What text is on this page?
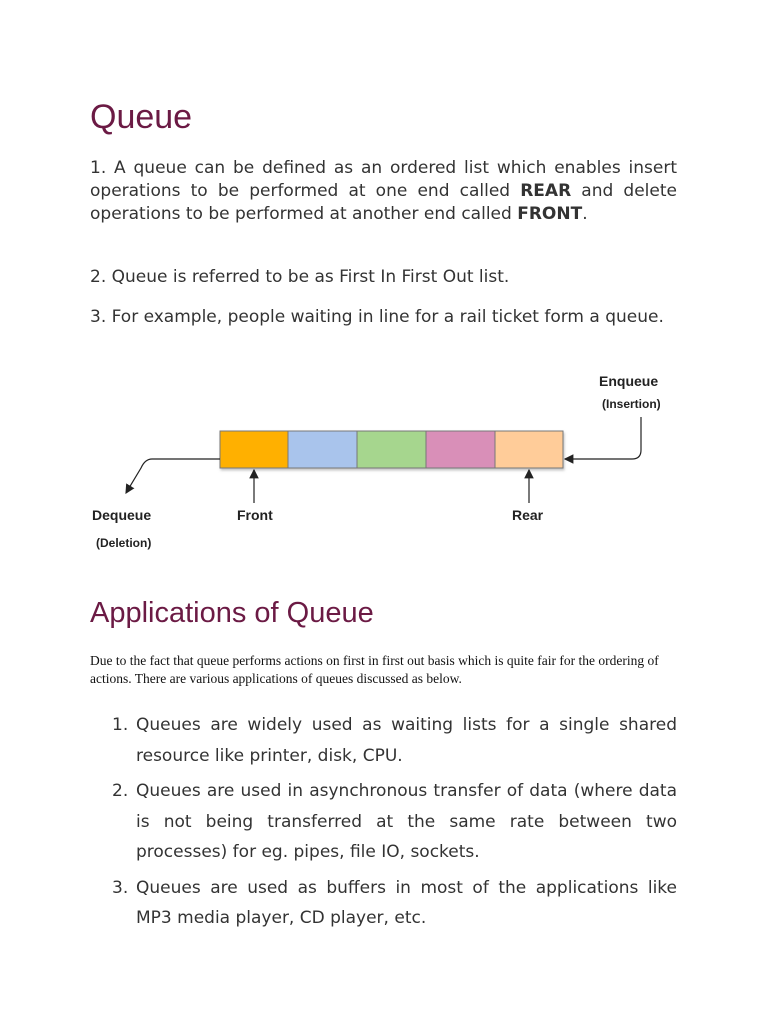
Queue

1. A queue can be defined as an ordered list which enables insert operations to be performed at one end called REAR and delete operations to be performed at another end called FRONT.

2. Queue is referred to be as First In First Out list.

3. For example, people waiting in line for a rail ticket form a queue.

Applications of Queue
Enqueue
(Insertion)
Dequeue
(Deletion)
Front	Rear

Due to the fact that queue performs actions on first in first out basis which is quite fair for the ordering of actions. There are various applications of queues discussed as below.

1. Queues are widely used as waiting lists for a single shared resource like printer, disk, CPU.
2. Queues are used in asynchronous transfer of data (where data is not being transferred at the same rate between two processes) for eg. pipes, file IO, sockets.
3. Queues are used as buffers in most of the applications like MP3 media player, CD player, etc.
